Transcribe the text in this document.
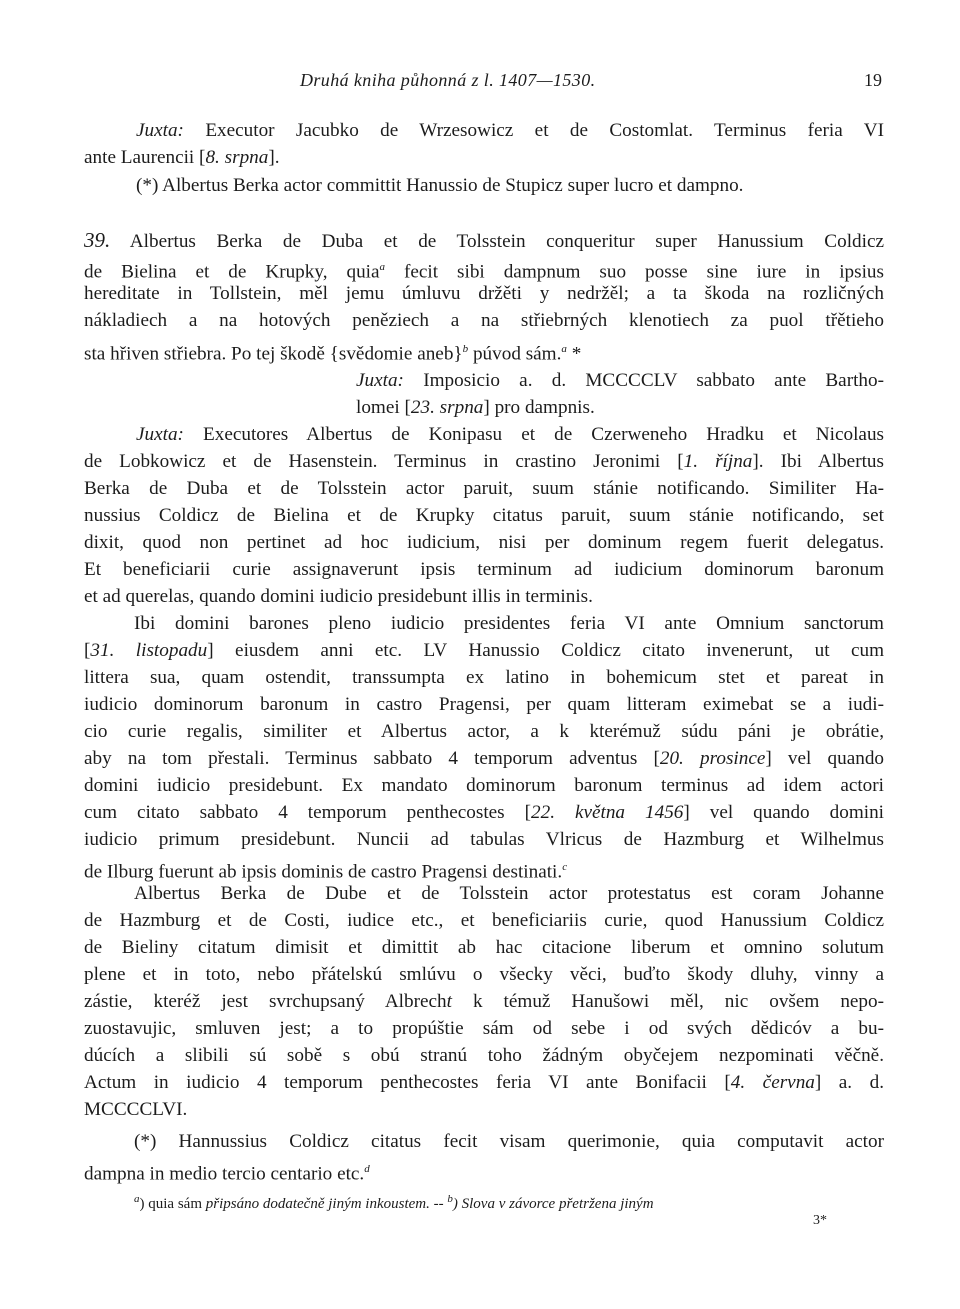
Druhá kniha půhonná z l. 1407—1530.	19
Juxta: Executor Jacubko de Wrzesowicz et de Costomlat. Terminus feria VI
ante Laurencii [8. srpna].
(*) Albertus Berka actor committit Hanussio de Stupicz super lucro et dampno.
39. Albertus Berka de Duba et de Tolsstein conqueritur super Hanussium Coldicz
de Bielina et de Krupky, quia$^a$ fecit sibi dampnum suo posse sine iure in ipsius
hereditate in Tollstein, měl jemu úmluvu držěti y nedržěl; a ta škoda na rozličných
nákladiech a na hotových peněziech a na střiebrných klenotiech za puol třětieho
sta hřiven střiebra. Po tej škodě {svědomie aneb}$^b$ púvod sám.$^a$ *
Juxta: Imposicio a. d. MCCCCLV sabbato ante Bartho-
lomei [23. srpna] pro dampnis.
Juxta: Executores Albertus de Konipasu et de Czerweneho Hradku et Nicolaus
de Lobkowicz et de Hasenstein. Terminus in crastino Jeronimi [1. října]. Ibi Albertus
Berka de Duba et de Tolsstein actor paruit, suum stánie notificando. Similiter Ha-
nussius Coldicz de Bielina et de Krupky citatus paruit, suum stánie notificando, set
dixit, quod non pertinet ad hoc iudicium, nisi per dominum regem fuerit delegatus.
Et beneficiarii curie assignaverunt ipsis terminum ad iudicium dominorum baronum
et ad querelas, quando domini iudicio presidebunt illis in terminis.
Ibi domini barones pleno iudicio presidentes feria VI ante Omnium sanctorum
[31. listopadu] eiusdem anni etc. LV Hanussio Coldicz citato invenerunt, ut cum
littera sua, quam ostendit, transsumpta ex latino in bohemicum stet et pareat in
iudicio dominorum baronum in castro Pragensi, per quam litteram eximebat se a iudi-
cio curie regalis, similiter et Albertus actor, a k kterémuž súdu páni je obrátie,
aby na tom přestali. Terminus sabbato 4 temporum adventus [20. prosince] vel quando
domini iudicio presidebunt. Ex mandato dominorum baronum terminus ad idem actori
cum citato sabbato 4 temporum penthecostes [22. května 1456] vel quando domini
iudicio primum presidebunt. Nuncii ad tabulas Vlricus de Hazmburg et Wilhelmus
de Ilburg fuerunt ab ipsis dominis de castro Pragensi destinati.$^c$
Albertus Berka de Dube et de Tolsstein actor protestatus est coram Johanne
de Hazmburg et de Costi, iudice etc., et beneficiariis curie, quod Hanussium Coldicz
de Bieliny citatum dimisit et dimittit ab hac citacione liberum et omnino solutum
plene et in toto, nebo přátelskú smlúvu o všecky věci, buďto škody dluhy, vinny a
zástie, kteréž jest svrchupsaný Albrecht k témuž Hanušowi měl, nic ovšem nepo-
zuostavujic, smluven jest; a to propúštie sám od sebe i od svých dědicóv a bu-
dúcích a slibili sú sobě s obú stranú toho žádným obyčejem nezpominati věčně.
Actum in iudicio 4 temporum penthecostes feria VI ante Bonifacii [4. června] a. d.
MCCCCLVI.
(*) Hannussius Coldicz citatus fecit visam querimonie, quia computavit actor
dampna in medio tercio centario etc.$^d$
$^a$) quia sám připsáno dodatečně jiným inkoustem. -- $^b$) Slova v závorce přetržena jiným
3*
